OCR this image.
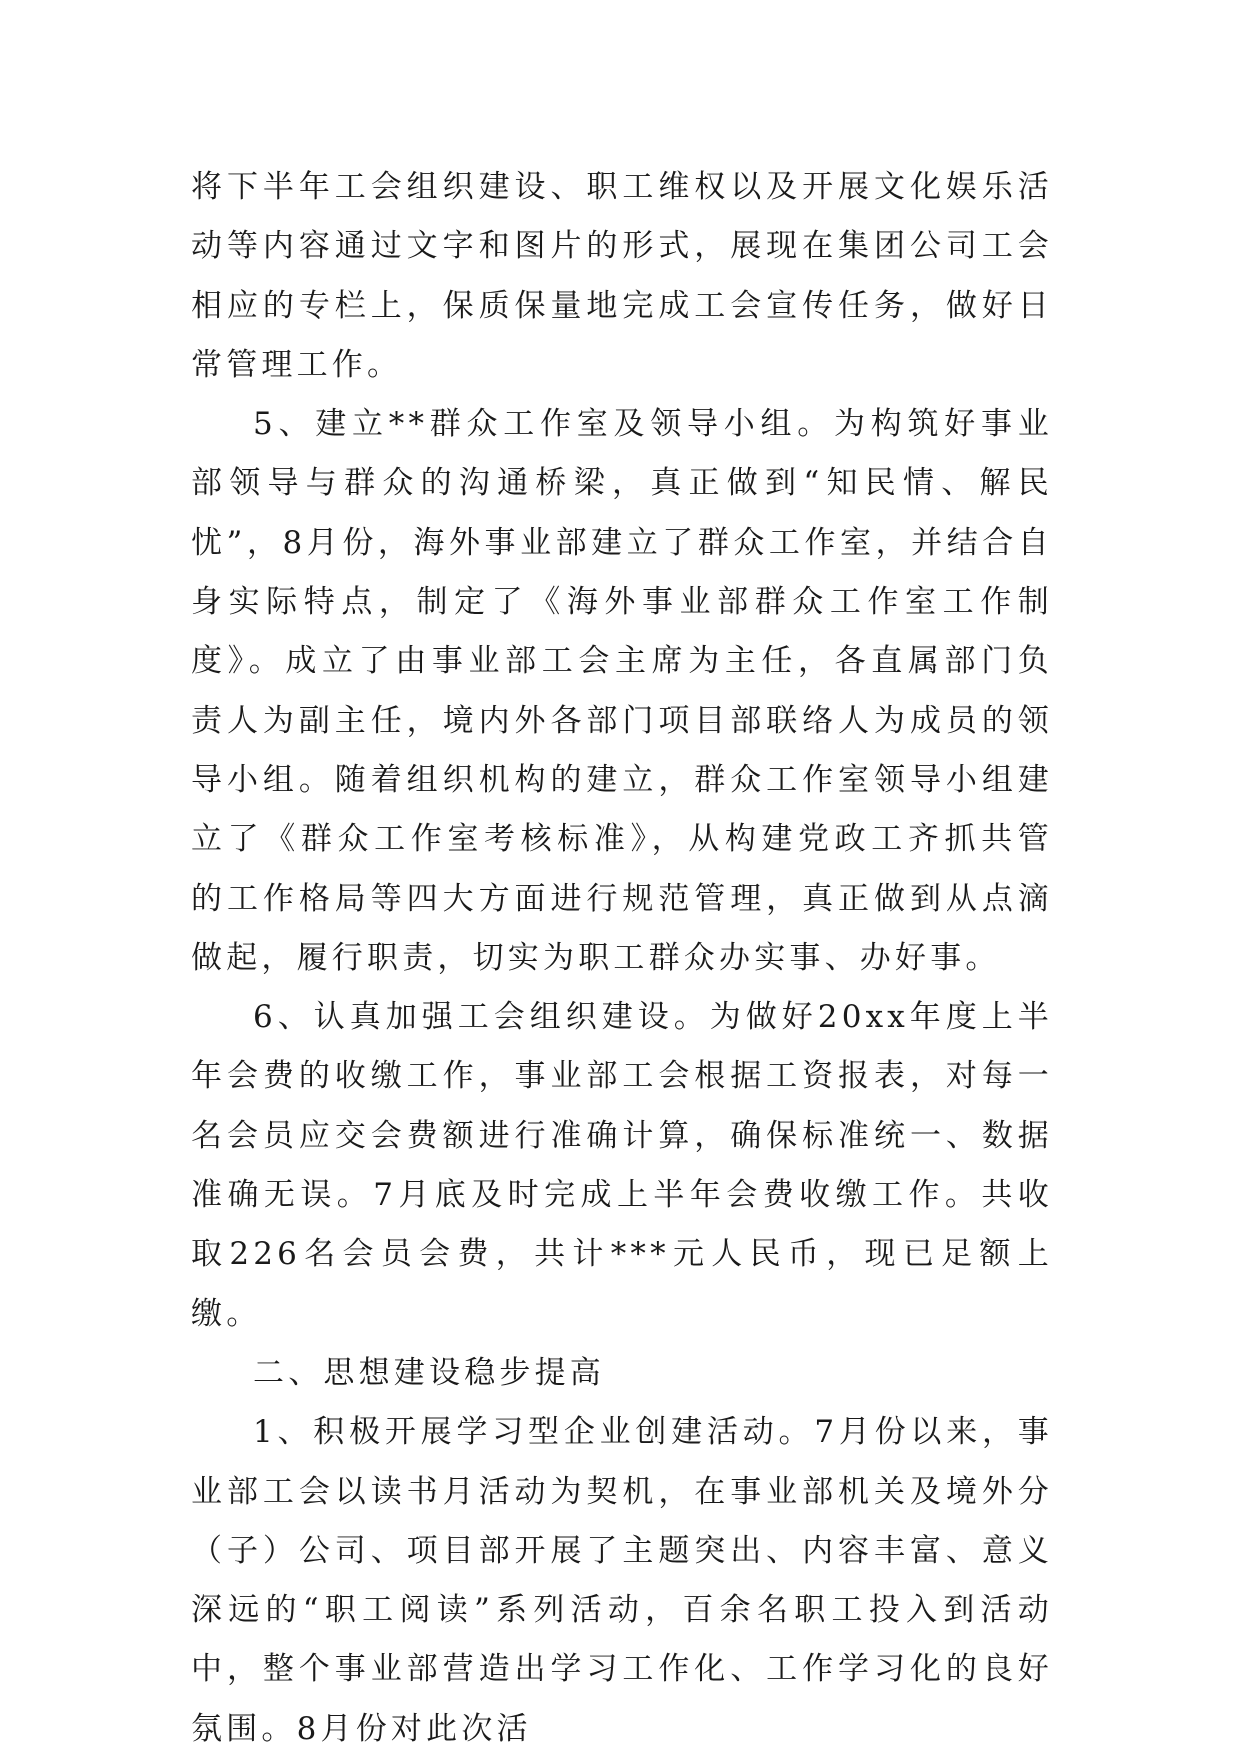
将下半年工会组织建设、职工维权以及开展文化娱乐活动等内容通过文字和图片的形式，展现在集团公司工会相应的专栏上，保质保量地完成工会宣传任务，做好日常管理工作。

5、建立**群众工作室及领导小组。为构筑好事业部领导与群众的沟通桥梁，真正做到“知民情、解民忧”，8月份，海外事业部建立了群众工作室，并结合自身实际特点，制定了《海外事业部群众工作室工作制度》。成立了由事业部工会主席为主任，各直属部门负责人为副主任，境内外各部门项目部联络人为成员的领导小组。随着组织机构的建立，群众工作室领导小组建立了《群众工作室考核标准》，从构建党政工齐抓共管的工作格局等四大方面进行规范管理，真正做到从点滴做起，履行职责，切实为职工群众办实事、办好事。

6、认真加强工会组织建设。为做好20xx年度上半年会费的收缴工作，事业部工会根据工资报表，对每一名会员应交会费额进行准确计算，确保标准统一、数据准确无误。7月底及时完成上半年会费收缴工作。共收取226名会员会费，共计***元人民币，现已足额上缴。

二、思想建设稳步提高

1、积极开展学习型企业创建活动。7月份以来，事业部工会以读书月活动为契机，在事业部机关及境外分（子）公司、项目部开展了主题突出、内容丰富、意义深远的“职工阅读”系列活动，百余名职工投入到活动中，整个事业部营造出学习工作化、工作学习化的良好氛围。8月份对此次活
